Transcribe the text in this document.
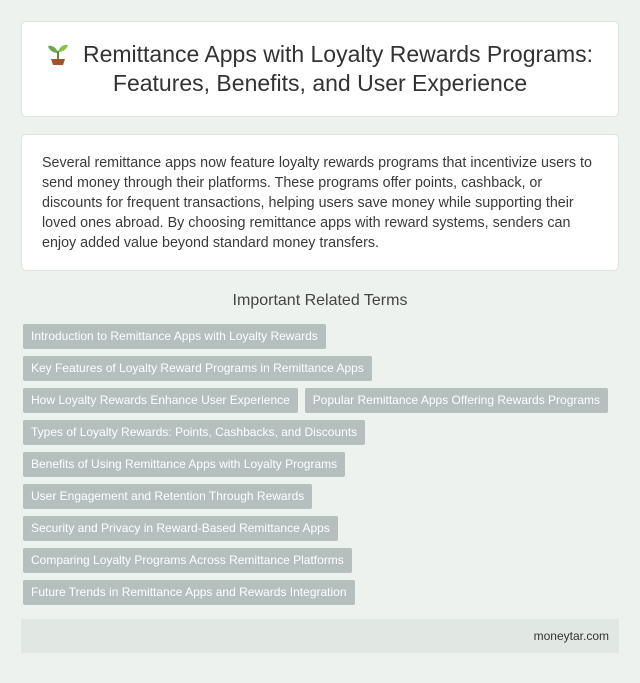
Remittance Apps with Loyalty Rewards Programs: Features, Benefits, and User Experience

Several remittance apps now feature loyalty rewards programs that incentivize users to send money through their platforms. These programs offer points, cashback, or discounts for frequent transactions, helping users save money while supporting their loved ones abroad. By choosing remittance apps with reward systems, senders can enjoy added value beyond standard money transfers.

Important Related Terms
Introduction to Remittance Apps with Loyalty Rewards
Key Features of Loyalty Reward Programs in Remittance Apps
How Loyalty Rewards Enhance User Experience	Popular Remittance Apps Offering Rewards Programs
Types of Loyalty Rewards: Points, Cashbacks, and Discounts
Benefits of Using Remittance Apps with Loyalty Programs
User Engagement and Retention Through Rewards
Security and Privacy in Reward-Based Remittance Apps
Comparing Loyalty Programs Across Remittance Platforms
Future Trends in Remittance Apps and Rewards Integration
moneytar.com
